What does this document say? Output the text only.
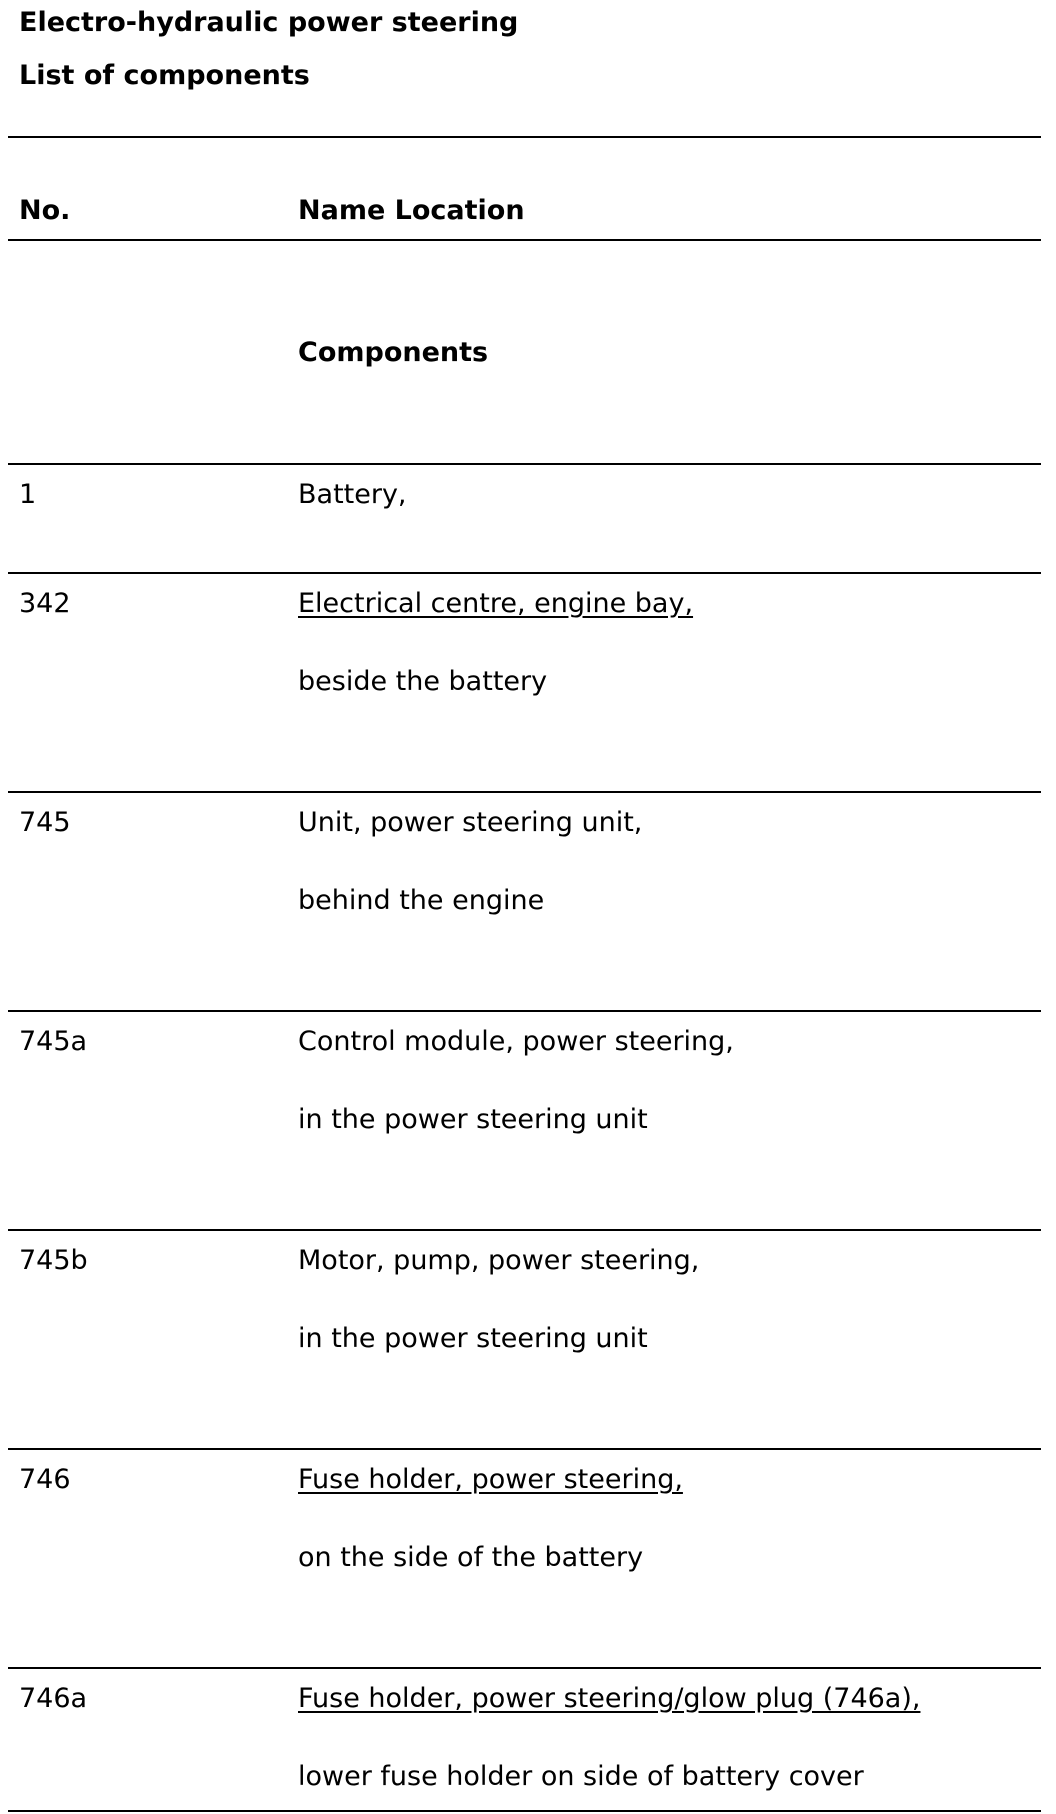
Electro-hydraulic power steering
List of components
No.	Name Location
Components
1	Battery,
342	Electrical centre, engine bay,
beside the battery
745	Unit, power steering unit,
behind the engine
745a	Control module, power steering,
in the power steering unit
745b	Motor, pump, power steering,
in the power steering unit
746	Fuse holder, power steering,
on the side of the battery
746a	Fuse holder, power steering/glow plug (746a),
lower fuse holder on side of battery cover
